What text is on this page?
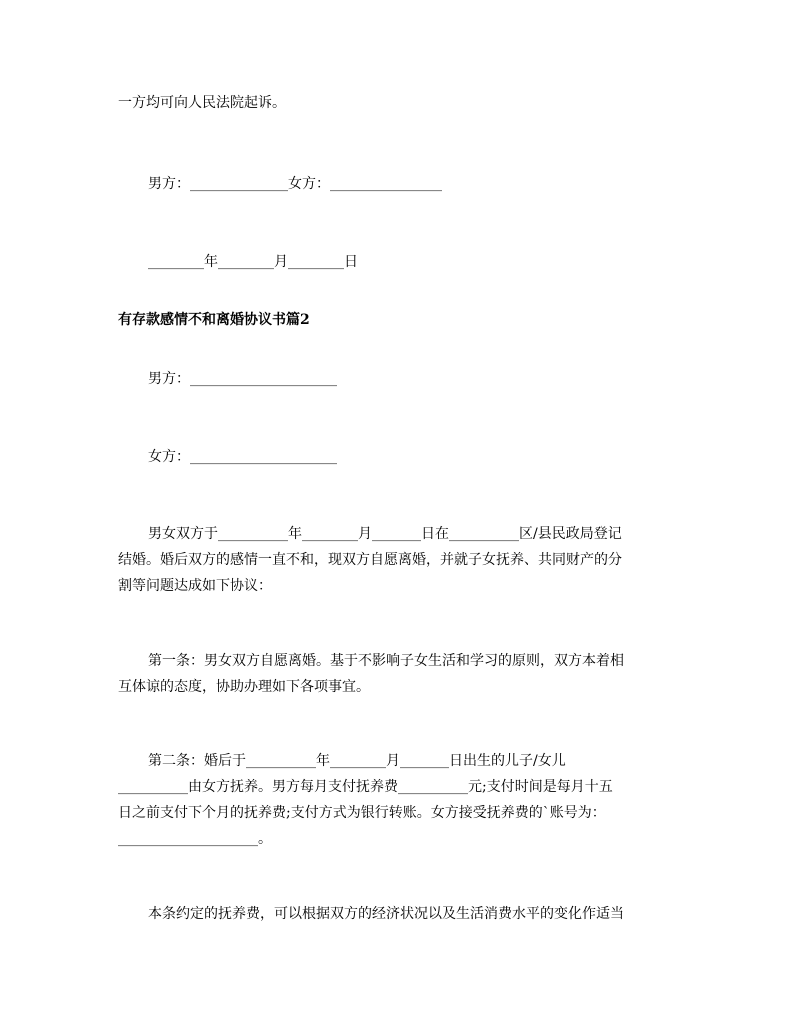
一方均可向人民法院起诉。
男方：______________女方：________________
________年________月________日
有存款感情不和离婚协议书篇2
男方：_____________________
女方：_____________________
男女双方于__________年________月_______日在__________区/县民政局登记
结婚。婚后双方的感情一直不和，现双方自愿离婚，并就子女抚养、共同财产的分
割等问题达成如下协议：
第一条：男女双方自愿离婚。基于不影响子女生活和学习的原则，双方本着相
互体谅的态度，协助办理如下各项事宜。
第二条：婚后于__________年________月_______日出生的儿子/女儿
__________由女方抚养。男方每月支付抚养费__________元;支付时间是每月十五
日之前支付下个月的抚养费;支付方式为银行转账。女方接受抚养费的`账号为：
____________________。
本条约定的抚养费，可以根据双方的经济状况以及生活消费水平的变化作适当
